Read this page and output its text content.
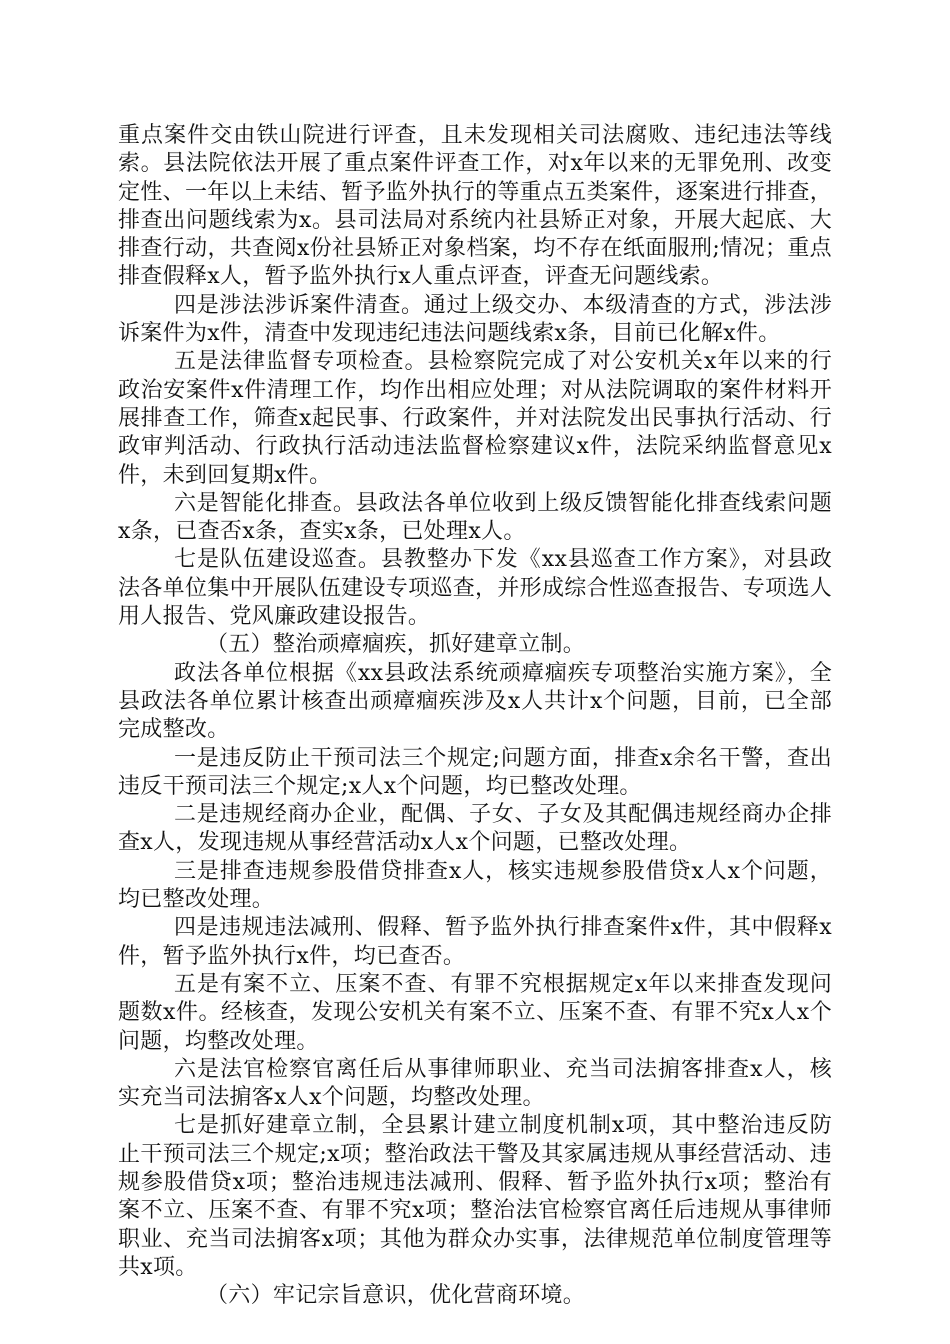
重点案件交由铁山院进行评查，且未发现相关司法腐败、违纪违法等线索。县法院依法开展了重点案件评查工作，对x年以来的无罪免刑、改变定性、一年以上未结、暂予监外执行的等重点五类案件，逐案进行排查，排查出问题线索为x。县司法局对系统内社县矫正对象，开展大起底、大排查行动，共查阅x份社县矫正对象档案，均不存在纸面服刑;情况；重点排查假释x人，暂予监外执行x人重点评查，评查无问题线索。

四是涉法涉诉案件清查。通过上级交办、本级清查的方式，涉法涉诉案件为x件，清查中发现违纪违法问题线索x条，目前已化解x件。

五是法律监督专项检查。县检察院完成了对公安机关x年以来的行政治安案件x件清理工作，均作出相应处理；对从法院调取的案件材料开展排查工作，筛查x起民事、行政案件，并对法院发出民事执行活动、行政审判活动、行政执行活动违法监督检察建议x件，法院采纳监督意见x件，未到回复期x件。

六是智能化排查。县政法各单位收到上级反馈智能化排查线索问题x条，已查否x条，查实x条，已处理x人。

七是队伍建设巡查。县教整办下发《xx县巡查工作方案》，对县政法各单位集中开展队伍建设专项巡查，并形成综合性巡查报告、专项选人用人报告、党风廉政建设报告。

（五）整治顽瘴痼疾，抓好建章立制。

政法各单位根据《xx县政法系统顽瘴痼疾专项整治实施方案》，全县政法各单位累计核查出顽瘴痼疾涉及x人共计x个问题，目前，已全部完成整改。

一是违反防止干预司法三个规定;问题方面，排查x余名干警，查出违反干预司法三个规定;x人x个问题，均已整改处理。

二是违规经商办企业，配偶、子女、子女及其配偶违规经商办企排查x人，发现违规从事经营活动x人x个问题，已整改处理。

三是排查违规参股借贷排查x人，核实违规参股借贷x人x个问题，均已整改处理。

四是违规违法减刑、假释、暂予监外执行排查案件x件，其中假释x件，暂予监外执行x件，均已查否。

五是有案不立、压案不查、有罪不究根据规定x年以来排查发现问题数x件。经核查，发现公安机关有案不立、压案不查、有罪不究x人x个问题，均整改处理。

六是法官检察官离任后从事律师职业、充当司法掮客排查x人，核实充当司法掮客x人x个问题，均整改处理。

七是抓好建章立制，全县累计建立制度机制x项，其中整治违反防止干预司法三个规定;x项；整治政法干警及其家属违规从事经营活动、违规参股借贷x项；整治违规违法减刑、假释、暂予监外执行x项；整治有案不立、压案不查、有罪不究x项；整治法官检察官离任后违规从事律师职业、充当司法掮客x项；其他为群众办实事，法律规范单位制度管理等共x项。

（六）牢记宗旨意识，优化营商环境。
